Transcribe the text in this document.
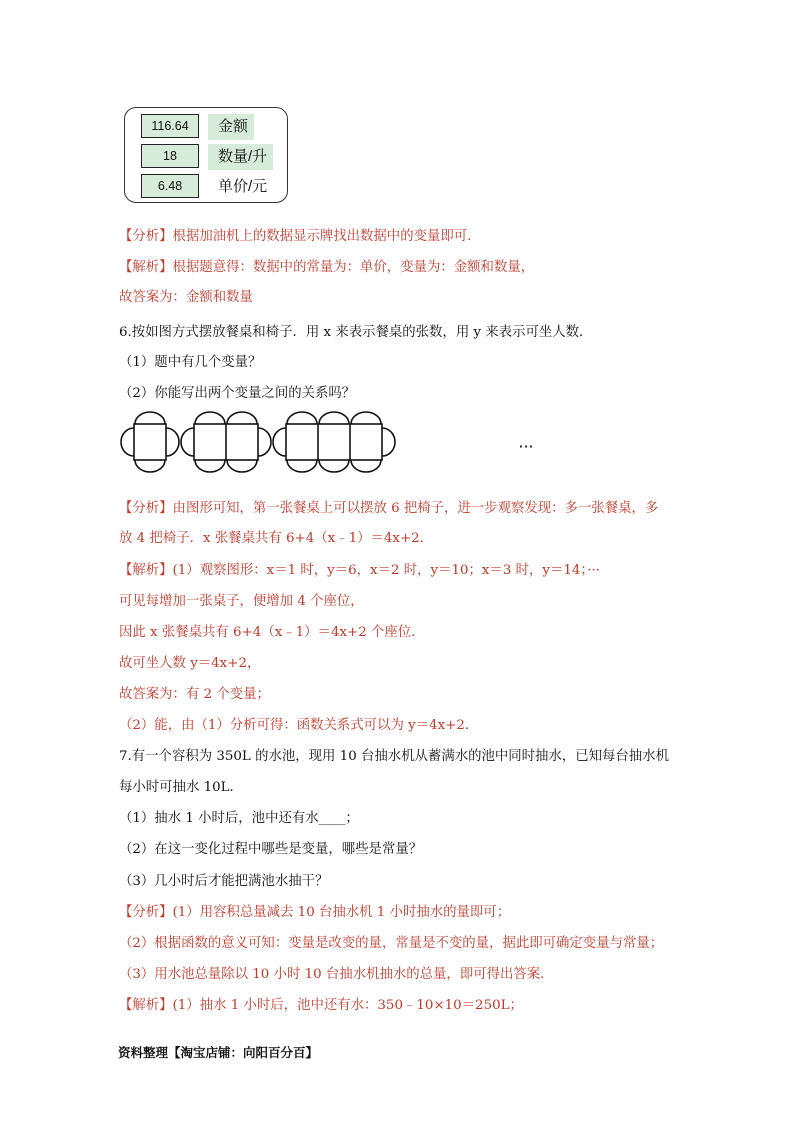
116.64	金额
18	数量/升
6.48	单价/元
【分析】根据加油机上的数据显示牌找出数据中的变量即可.
【解析】根据题意得：数据中的常量为：单价，变量为：金额和数量，
故答案为：金额和数量
6.按如图方式摆放餐桌和椅子．用 x 来表示餐桌的张数，用 y 来表示可坐人数．
（1）题中有几个变量？
（2）你能写出两个变量之间的关系吗？
···
【分析】由图形可知，第一张餐桌上可以摆放 6 把椅子，进一步观察发现：多一张餐桌，多
放 4 把椅子．x 张餐桌共有 6+4（x﹣1）＝4x+2．
【解析】(1）观察图形：x＝1 时，y＝6，x＝2 时，y＝10；x＝3 时，y＝14；···
可见每增加一张桌子，便增加 4 个座位，
因此 x 张餐桌共有 6+4（x﹣1）＝4x+2 个座位．
故可坐人数 y＝4x+2，
故答案为：有 2 个变量；
（2）能，由（1）分析可得：函数关系式可以为 y＝4x+2．
7.有一个容积为 350L 的水池，现用 10 台抽水机从蓄满水的池中同时抽水，已知每台抽水机
每小时可抽水 10L．
（1）抽水 1 小时后，池中还有水____；
（2）在这一变化过程中哪些是变量，哪些是常量？
（3）几小时后才能把满池水抽干？
【分析】(1）用容积总量减去 10 台抽水机 1 小时抽水的量即可；
（2）根据函数的意义可知：变量是改变的量，常量是不变的量，据此即可确定变量与常量；
（3）用水池总量除以 10 小时 10 台抽水机抽水的总量，即可得出答案．
【解析】(1）抽水 1 小时后，池中还有水：350﹣10×10＝250L；
资料整理【淘宝店铺：向阳百分百】
